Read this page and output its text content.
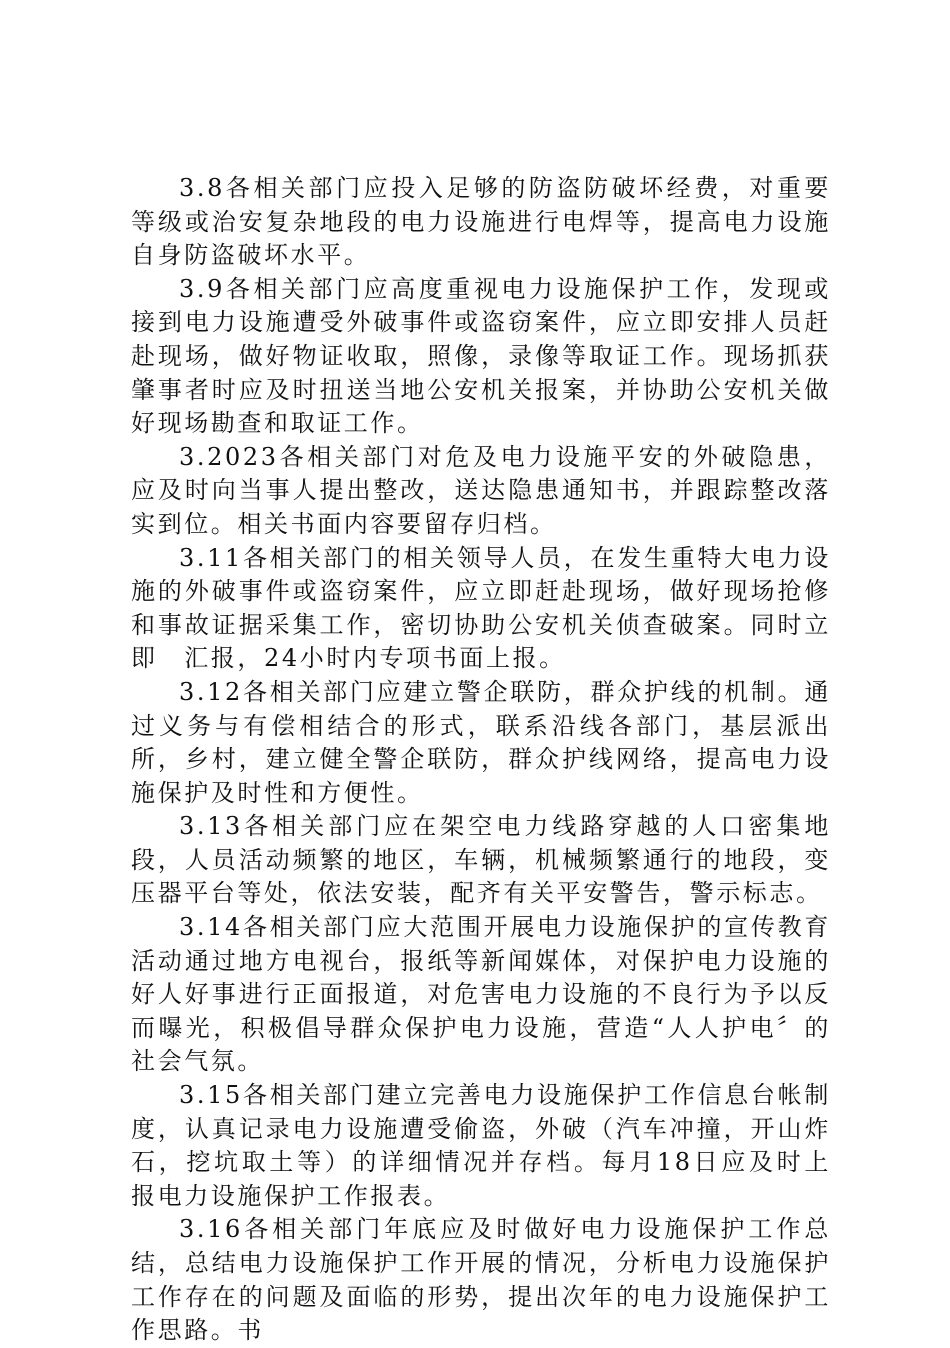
3.8各相关部门应投入足够的防盗防破坏经费，对重要等级或治安复杂地段的电力设施进行电焊等，提高电力设施自身防盗破坏水平。

3.9各相关部门应高度重视电力设施保护工作，发现或接到电力设施遭受外破事件或盗窃案件，应立即安排人员赶赴现场，做好物证收取，照像，录像等取证工作。现场抓获肇事者时应及时扭送当地公安机关报案，并协助公安机关做好现场勘查和取证工作。

3.2023各相关部门对危及电力设施平安的外破隐患，应及时向当事人提出整改，送达隐患通知书，并跟踪整改落实到位。相关书面内容要留存归档。

3.11各相关部门的相关领导人员，在发生重特大电力设施的外破事件或盗窃案件，应立即赶赴现场，做好现场抢修和事故证据采集工作，密切协助公安机关侦查破案。同时立即　汇报，24小时内专项书面上报。

3.12各相关部门应建立警企联防，群众护线的机制。通过义务与有偿相结合的形式，联系沿线各部门，基层派出所，乡村，建立健全警企联防，群众护线网络，提高电力设施保护及时性和方便性。

3.13各相关部门应在架空电力线路穿越的人口密集地段，人员活动频繁的地区，车辆，机械频繁通行的地段，变压器平台等处，依法安装，配齐有关平安警告，警示标志。

3.14各相关部门应大范围开展电力设施保护的宣传教育活动通过地方电视台，报纸等新闻媒体，对保护电力设施的好人好事进行正面报道，对危害电力设施的不良行为予以反而曝光，积极倡导群众保护电力设施，营造“人人护电〞的社会气氛。

3.15各相关部门建立完善电力设施保护工作信息台帐制度，认真记录电力设施遭受偷盗，外破（汽车冲撞，开山炸石，挖坑取土等）的详细情况并存档。每月18日应及时上报电力设施保护工作报表。

3.16各相关部门年底应及时做好电力设施保护工作总结，总结电力设施保护工作开展的情况，分析电力设施保护工作存在的问题及面临的形势，提出次年的电力设施保护工作思路。书
